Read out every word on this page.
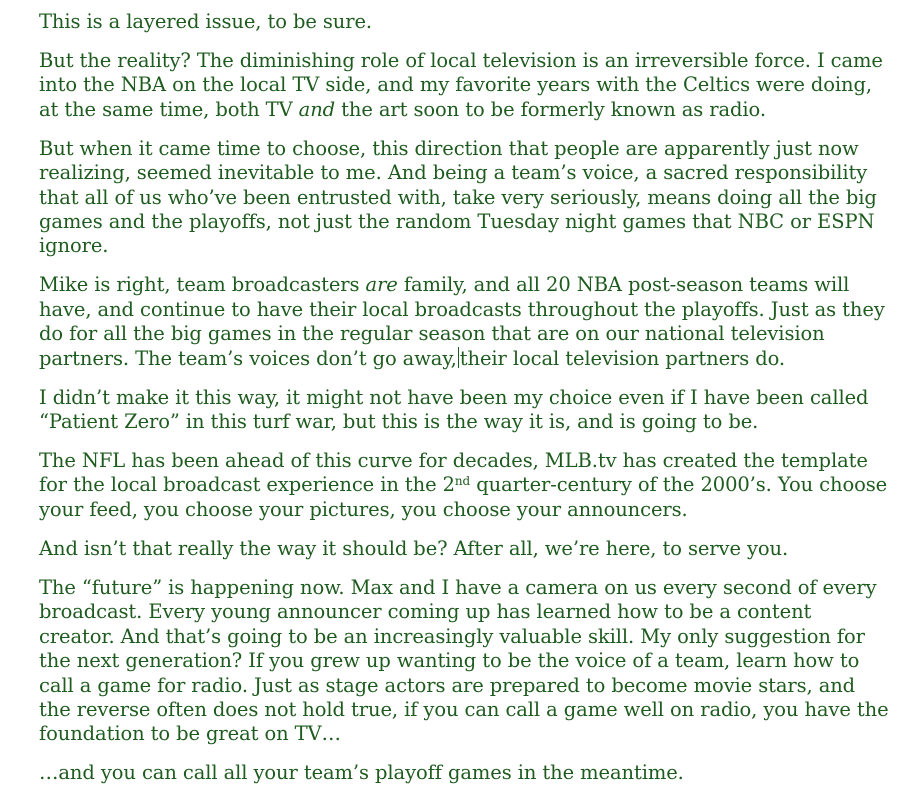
This is a layered issue, to be sure.

But the reality? The diminishing role of local television is an irreversible force. I came into the NBA on the local TV side, and my favorite years with the Celtics were doing, at the same time, both TV and the art soon to be formerly known as radio.

But when it came time to choose, this direction that people are apparently just now realizing, seemed inevitable to me. And being a team’s voice, a sacred responsibility that all of us who’ve been entrusted with, take very seriously, means doing all the big games and the playoffs, not just the random Tuesday night games that NBC or ESPN ignore.

Mike is right, team broadcasters are family, and all 20 NBA post-season teams will have, and continue to have their local broadcasts throughout the playoffs. Just as they do for all the big games in the regular season that are on our national television partners. The team’s voices don’t go away, their local television partners do.

I didn’t make it this way, it might not have been my choice even if I have been called “Patient Zero” in this turf war, but this is the way it is, and is going to be.

The NFL has been ahead of this curve for decades, MLB.tv has created the template for the local broadcast experience in the 2nd quarter-century of the 2000’s. You choose your feed, you choose your pictures, you choose your announcers.

And isn’t that really the way it should be? After all, we’re here, to serve you.

The “future” is happening now. Max and I have a camera on us every second of every broadcast. Every young announcer coming up has learned how to be a content creator. And that’s going to be an increasingly valuable skill. My only suggestion for the next generation? If you grew up wanting to be the voice of a team, learn how to call a game for radio. Just as stage actors are prepared to become movie stars, and the reverse often does not hold true, if you can call a game well on radio, you have the foundation to be great on TV…

…and you can call all your team’s playoff games in the meantime.
